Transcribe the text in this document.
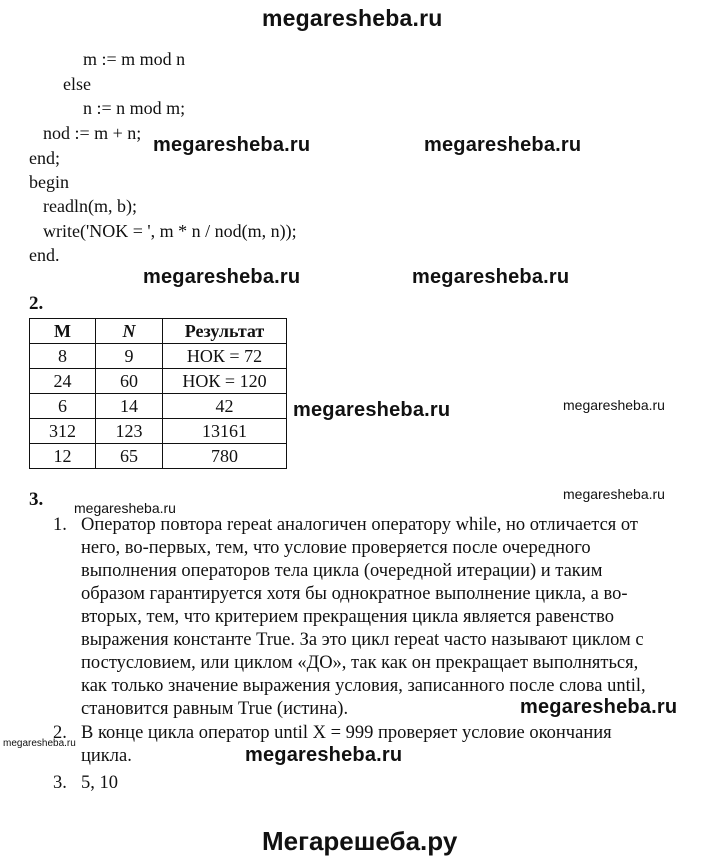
megaresheba.ru
m := m mod n
else
n := n mod m;
nod := m + n;
end;
begin
readln(m, b);
write('NOK = ', m * n / nod(m, n));
end.
megaresheba.ru	megaresheba.ru
megaresheba.ru	megaresheba.ru
megaresheba.ru	megaresheba.ru
megaresheba.ru
megaresheba.ru
megaresheba.ru
megaresheba.ru
megaresheba.ru
2.
M	N	Результат
8	9	НОК = 72
24	60	НОК = 120
6	14	42
312	123	13161
12	65	780
3.
1. Оператор повтора repeat аналогичен оператору while, но отличается от
него, во-первых, тем, что условие проверяется после очередного
выполнения операторов тела цикла (очередной итерации) и таким
образом гарантируется хотя бы однократное выполнение цикла, а во-
вторых, тем, что критерием прекращения цикла является равенство
выражения константе True. За это цикл repeat часто называют циклом с
постусловием, или циклом «ДО», так как он прекращает выполняться,
как только значение выражения условия, записанного после слова until,
становится равным True (истина).
2. В конце цикла оператор until X = 999 проверяет условие окончания
цикла.
3. 5, 10
Мегарешеба.ру
